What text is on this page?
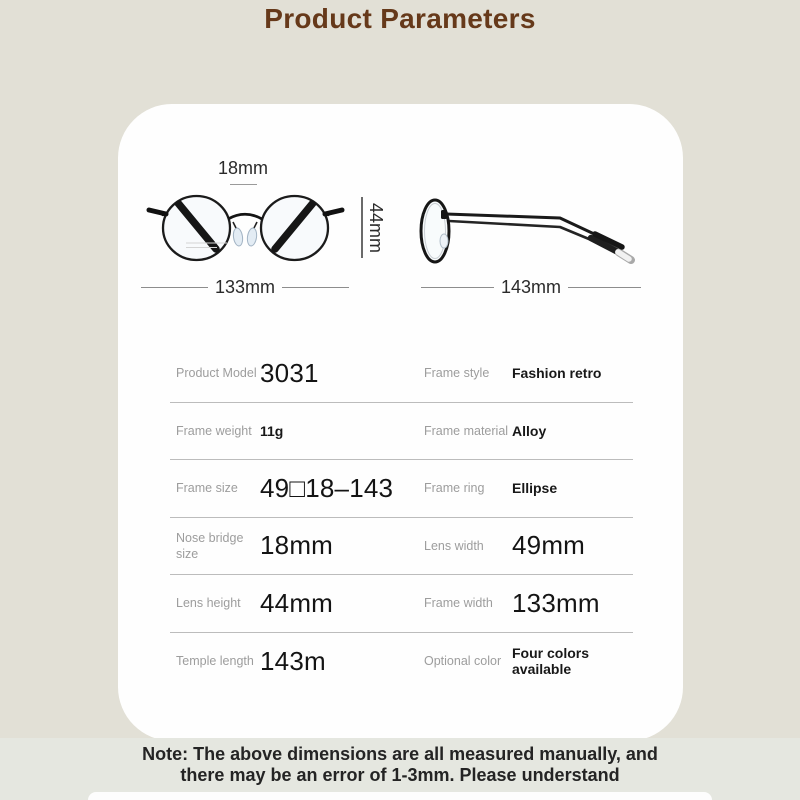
Product Parameters
18mm
44mm
133mm	143mm
Product Model 3031	Frame style	Fashion retro
Frame weight 11g	Frame material Alloy
Frame size 49□18–143	Frame ring	Ellipse
Nose bridge size	18mm	Lens width	49mm
Lens height 44mm	Frame width 133mm
Temple length 143m	Optional color Four colors available
Note: The above dimensions are all measured manually, and
there may be an error of 1-3mm. Please understand
